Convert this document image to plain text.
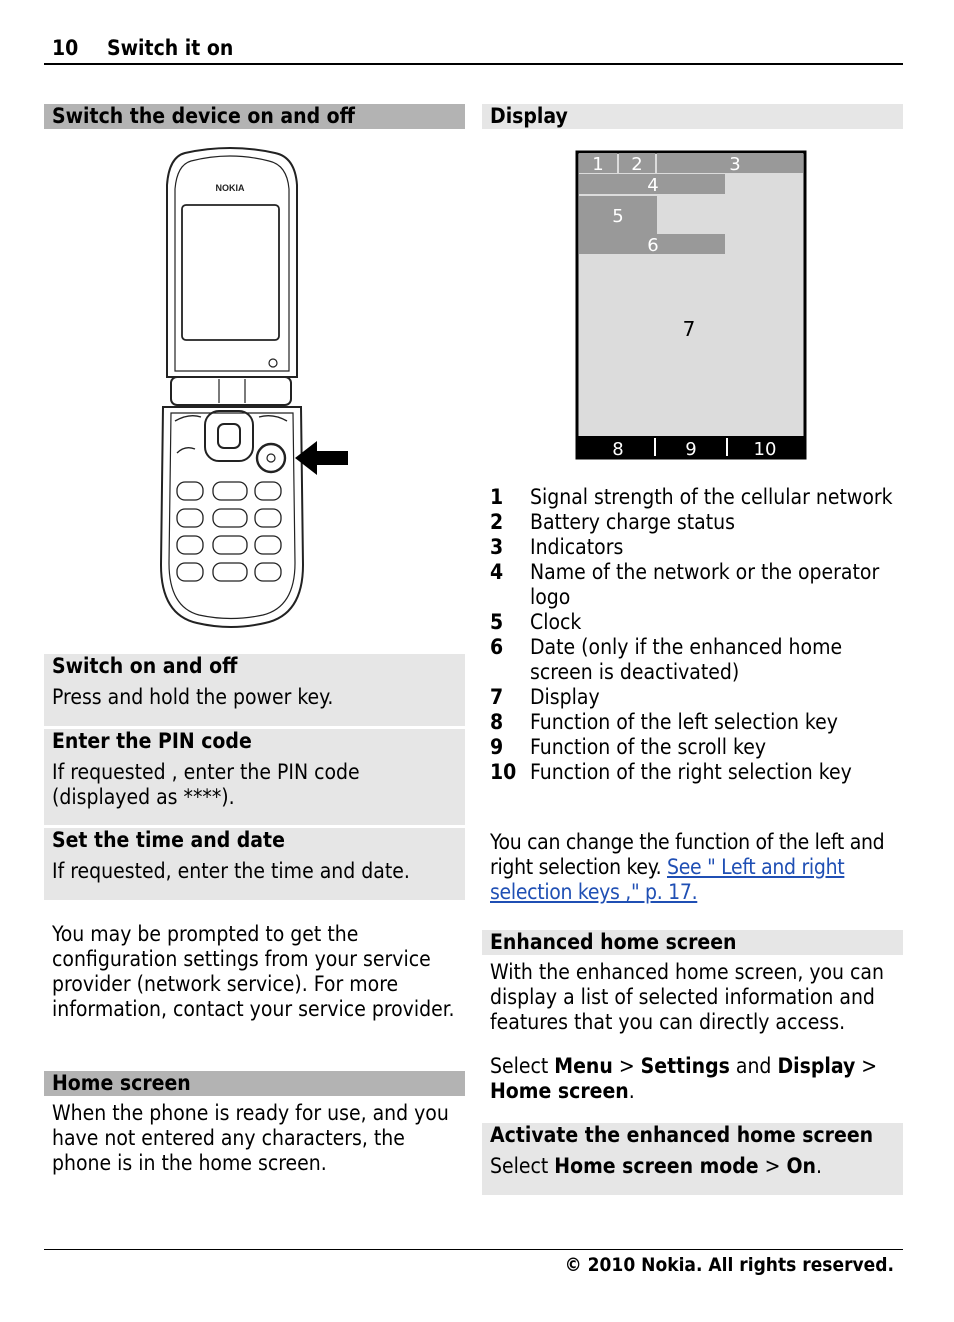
10 Switch it on
Switch the device on and off
NOKIA
Switch on and off
Press and hold the power key.
Enter the PIN code
If requested , enter the PIN code (displayed as ****).
Set the time and date
If requested, enter the time and date.
You may be prompted to get the configuration settings from your service provider (network service). For more information, contact your service provider.
Home screen
When the phone is ready for use, and you have not entered any characters, the phone is in the home screen.
Display
1 2	3
4
5
6
8	9	10
7
1 Signal strength of the cellular network
2 Battery charge status
3 Indicators
4 Name of the network or the operator logo
5 Clock
6 Date (only if the enhanced home screen is deactivated)
7 Display
8 Function of the left selection key
9 Function of the scroll key
10 Function of the right selection key
You can change the function of the left and right selection key. See " Left and right selection keys ," p. 17.
Enhanced home screen
With the enhanced home screen, you can display a list of selected information and features that you can directly access.
Select Menu > Settings and Display > Home screen.
Activate the enhanced home screen
Select Home screen mode > On.
© 2010 Nokia. All rights reserved.
